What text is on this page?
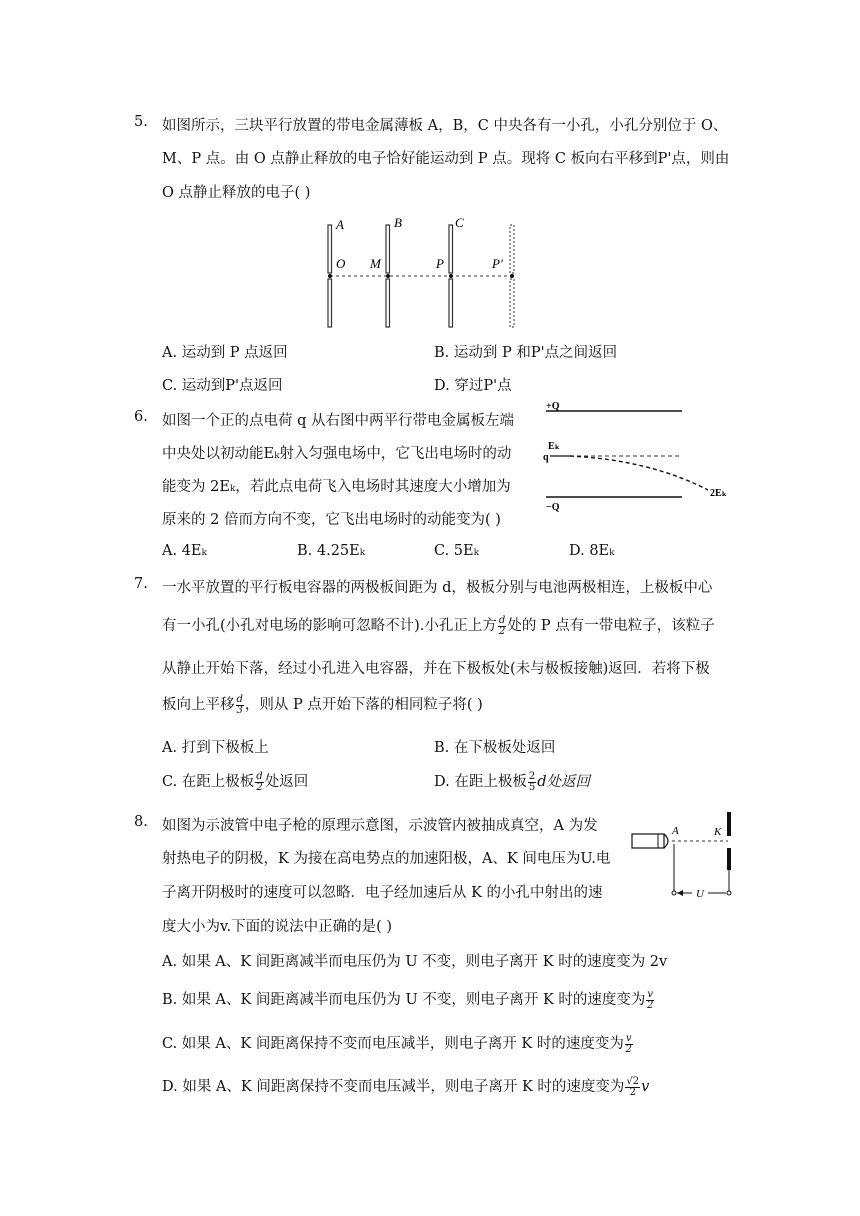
5. 如图所示，三块平行放置的带电金属薄板 A，B，C 中央各有一小孔，小孔分别位于 O、
M、P 点。由 O 点静止释放的电子恰好能运动到 P 点。现将 C 板向右平移到P'点，则由
O 点静止释放的电子( )
A	B	C
O M	P	P'
A. 运动到 P 点返回	B. 运动到 P 和P'点之间返回
C. 运动到P'点返回	D. 穿过P'点
6. 如图一个正的点电荷 q 从右图中两平行带电金属板左端
中央处以初动能Eₖ射入匀强电场中，它飞出电场时的动
能变为 2Eₖ，若此点电荷飞入电场时其速度大小增加为
原来的 2 倍而方向不变，它飞出电场时的动能变为( )
+Q
Eₖ
q
2Eₖ
−Q
A. 4Eₖ	B. 4.25Eₖ	C. 5Eₖ	D. 8Eₖ
7. 一水平放置的平行板电容器的两极板间距为 d，极板分别与电池两极相连，上极板中心
有一小孔(小孔对电场的影响可忽略不计).小孔正上方 $\frac{d}{2}$ 处的 P 点有一带电粒子，该粒子
从静止开始下落，经过小孔进入电容器，并在下极板处(未与极板接触)返回．若将下极
板向上平移 $\frac{d}{3}$ ，则从 P 点开始下落的相同粒子将( )
A. 打到下极板上	B. 在下极板处返回
C. 在距上极板 $\frac{d}{2}$ 处返回	D. 在距上极板 $\frac{2}{5}$ d处返回
8. 如图为示波管中电子枪的原理示意图，示波管内被抽成真空，A 为发
射热电子的阴极，K 为接在高电势点的加速阳极，A、K 间电压为U.电
子离开阴极时的速度可以忽略．电子经加速后从 K 的小孔中射出的速
度大小为v.下面的说法中正确的是( )
A	K
U
A. 如果 A、K 间距离减半而电压仍为 U 不变，则电子离开 K 时的速度变为 2v
B. 如果 A、K 间距离减半而电压仍为 U 不变，则电子离开 K 时的速度变为 $\frac{v}{2}$
C. 如果 A、K 间距离保持不变而电压减半，则电子离开 K 时的速度变为 $\frac{v}{2}$
D. 如果 A、K 间距离保持不变而电压减半，则电子离开 K 时的速度变为 $\frac{√2}{2}$ v
